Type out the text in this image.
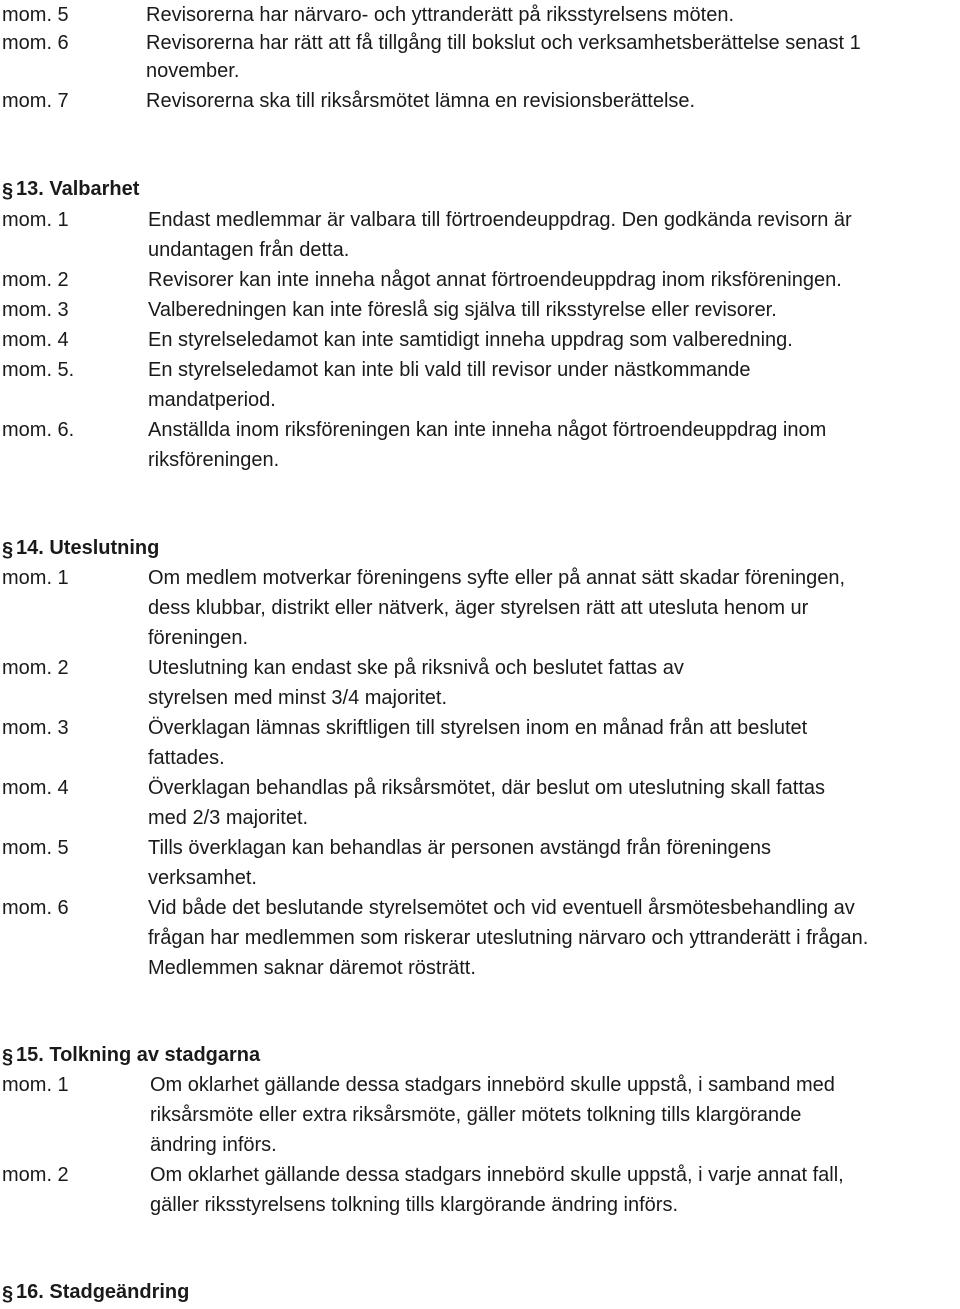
mom. 5	Revisorerna har närvaro- och yttranderätt på riksstyrelsens möten.
mom. 6	Revisorerna har rätt att få tillgång till bokslut och verksamhetsberättelse senast 1
november.
mom. 7	Revisorerna ska till riksårsmötet lämna en revisionsberättelse.
§ 13. Valbarhet
mom. 1	Endast medlemmar är valbara till förtroendeuppdrag. Den godkända revisorn är
undantagen från detta.
mom. 2	Revisorer kan inte inneha något annat förtroendeuppdrag inom riksföreningen.
mom. 3	Valberedningen kan inte föreslå sig själva till riksstyrelse eller revisorer.
mom. 4	En styrelseledamot kan inte samtidigt inneha uppdrag som valberedning.
mom. 5.	En styrelseledamot kan inte bli vald till revisor under nästkommande
mandatperiod.
mom. 6.	Anställda inom riksföreningen kan inte inneha något förtroendeuppdrag inom
riksföreningen.
§ 14. Uteslutning
mom. 1	Om medlem motverkar föreningens syfte eller på annat sätt skadar föreningen,
dess klubbar, distrikt eller nätverk, äger styrelsen rätt att utesluta henom ur
föreningen.
mom. 2	Uteslutning kan endast ske på riksnivå och beslutet fattas av
styrelsen med minst 3/4 majoritet.
mom. 3	Överklagan lämnas skriftligen till styrelsen inom en månad från att beslutet
fattades.
mom. 4	Överklagan behandlas på riksårsmötet, där beslut om uteslutning skall fattas
med 2/3 majoritet.
mom. 5	Tills överklagan kan behandlas är personen avstängd från föreningens
verksamhet.
mom. 6	Vid både det beslutande styrelsemötet och vid eventuell årsmötesbehandling av
frågan har medlemmen som riskerar uteslutning närvaro och yttranderätt i frågan.
Medlemmen saknar däremot rösträtt.
§ 15. Tolkning av stadgarna
mom. 1	Om oklarhet gällande dessa stadgars innebörd skulle uppstå, i samband med
riksårsmöte eller extra riksårsmöte, gäller mötets tolkning tills klargörande
ändring införs.
mom. 2	Om oklarhet gällande dessa stadgars innebörd skulle uppstå, i varje annat fall,
gäller riksstyrelsens tolkning tills klargörande ändring införs.
§ 16. Stadgeändring
